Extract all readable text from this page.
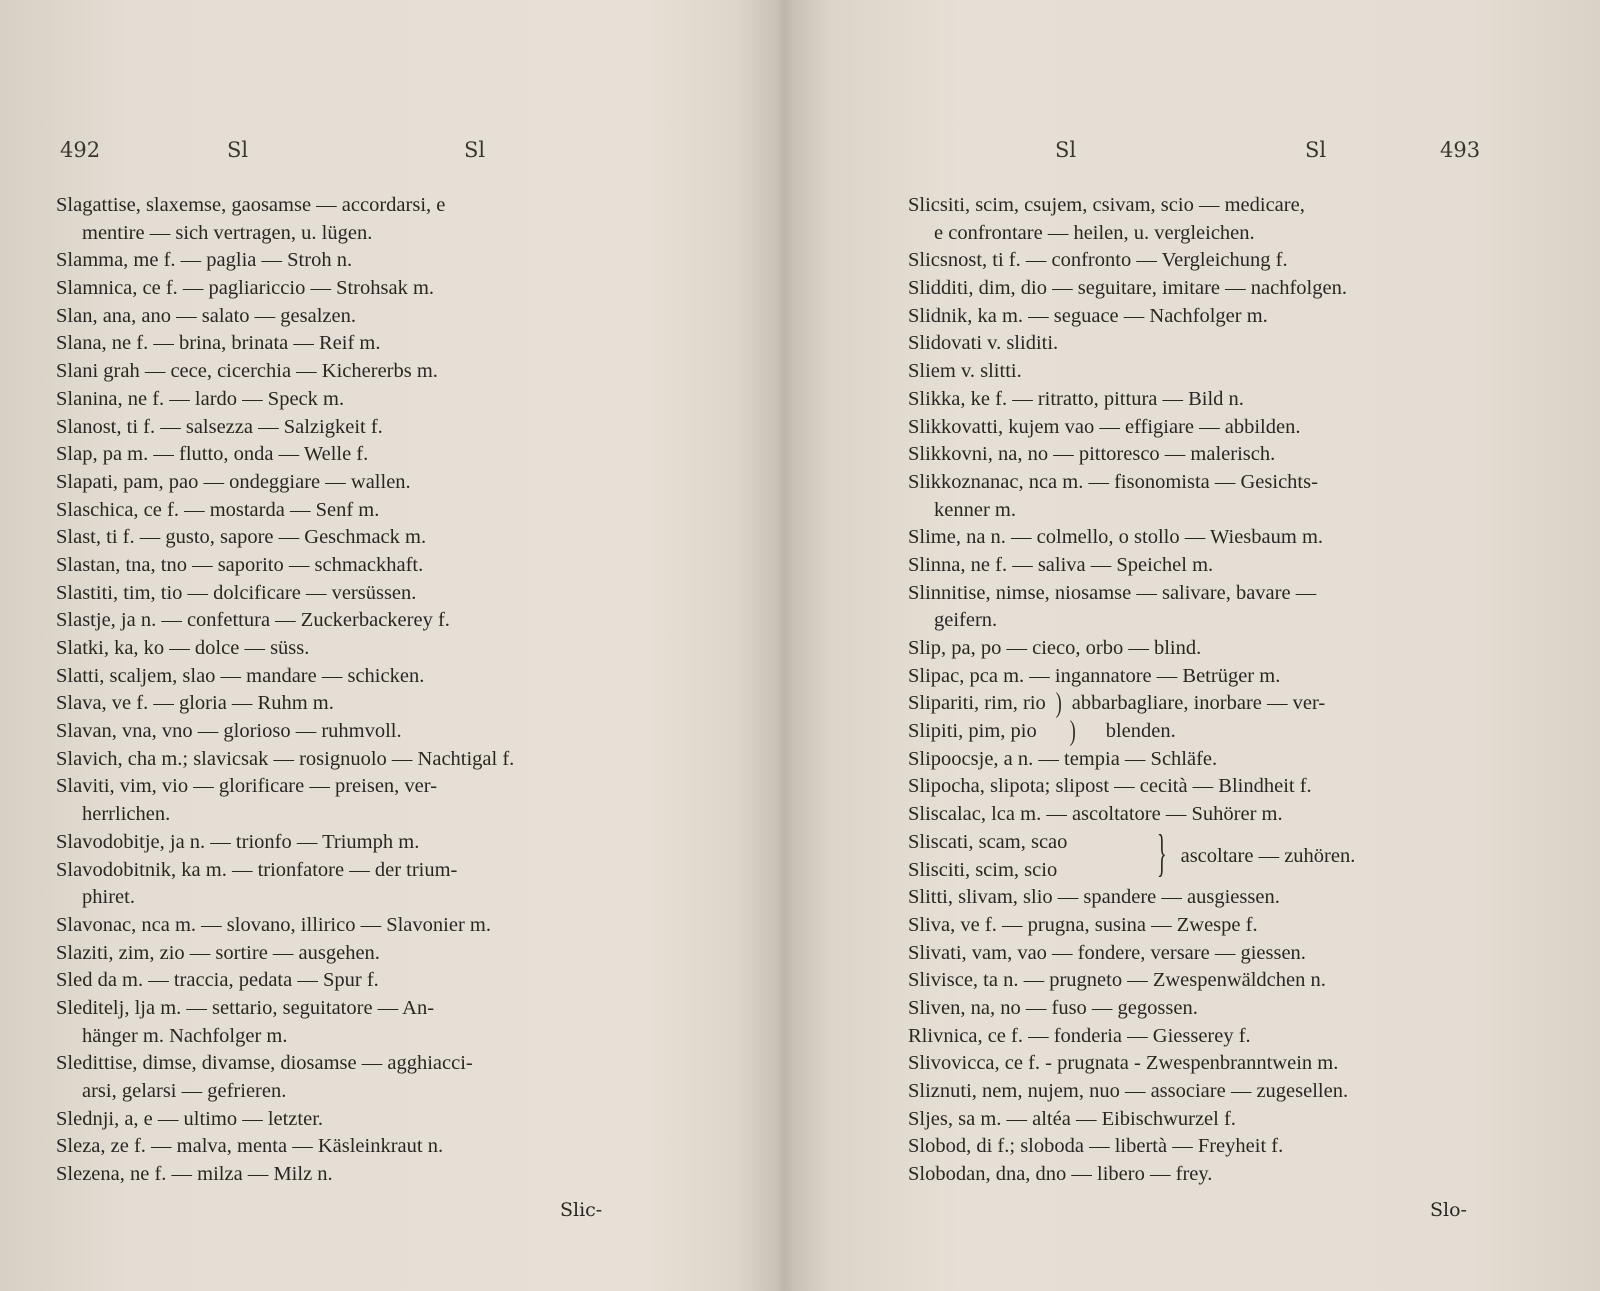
492	Sl	Sl
Slagattise, slaxemse, gaosamse — accordarsi, e
mentire — sich vertragen, u. lügen.
Slamma, me f. — paglia — Stroh n.
Slamnica, ce f. — pagliariccio — Strohsak m.
Slan, ana, ano — salato — gesalzen.
Slana, ne f. — brina, brinata — Reif m.
Slani grah — cece, cicerchia — Kichererbs m.
Slanina, ne f. — lardo — Speck m.
Slanost, ti f. — salsezza — Salzigkeit f.
Slap, pa m. — flutto, onda — Welle f.
Slapati, pam, pao — ondeggiare — wallen.
Slaschica, ce f. — mostarda — Senf m.
Slast, ti f. — gusto, sapore — Geschmack m.
Slastan, tna, tno — saporito — schmackhaft.
Slastiti, tim, tio — dolcificare — versüssen.
Slastje, ja n. — confettura — Zuckerbackerey f.
Slatki, ka, ko — dolce — süss.
Slatti, scaljem, slao — mandare — schicken.
Slava, ve f. — gloria — Ruhm m.
Slavan, vna, vno — glorioso — ruhmvoll.
Slavich, cha m.; slavicsak — rosignuolo — Nachtigal f.
Slaviti, vim, vio — glorificare — preisen, ver-
herrlichen.
Slavodobitje, ja n. — trionfo — Triumph m.
Slavodobitnik, ka m. — trionfatore — der trium-
phiret.
Slavonac, nca m. — slovano, illirico — Slavonier m.
Slaziti, zim, zio — sortire — ausgehen.
Sled da m. — traccia, pedata — Spur f.
Sleditelj, lja m. — settario, seguitatore — An-
hänger m. Nachfolger m.
Sledittise, dimse, divamse, diosamse — agghiacci-
arsi, gelarsi — gefrieren.
Slednji, a, e — ultimo — letzter.
Sleza, ze f. — malva, menta — Käsleinkraut n.
Slezena, ne f. — milza — Milz n.
Slic-
Sl	Sl	493
Slicsiti, scim, csujem, csivam, scio — medicare,
e confrontare — heilen, u. vergleichen.
Slicsnost, ti f. — confronto — Vergleichung f.
Slidditi, dim, dio — seguitare, imitare — nachfolgen.
Slidnik, ka m. — seguace — Nachfolger m.
Slidovati v. sliditi.
Sliem v. slitti.
Slikka, ke f. — ritratto, pittura — Bild n.
Slikkovatti, kujem vao — effigiare — abbilden.
Slikkovni, na, no — pittoresco — malerisch.
Slikkoznanac, nca m. — fisonomista — Gesichts-
kenner m.
Slime, na n. — colmello, o stollo — Wiesbaum m.
Slinna, ne f. — saliva — Speichel m.
Slinnitise, nimse, niosamse — salivare, bavare —
geifern.
Slip, pa, po — cieco, orbo — blind.
Slipac, pca m. — ingannatore — Betrüger m.
Slipariti, rim, rio ) abbarbagliare, inorbare — ver-
Slipiti, pim, pio ) blenden.
Slipoocsje, a n. — tempia — Schläfe.
Slipocha, slipota; slipost — cecità — Blindheit f.
Sliscalac, lca m. — ascoltatore — Suhörer m.
Sliscati, scam, scao
Slisciti, scim, scio	} ascoltare — zuhören.
Slitti, slivam, slio — spandere — ausgiessen.
Sliva, ve f. — prugna, susina — Zwespe f.
Slivati, vam, vao — fondere, versare — giessen.
Slivisce, ta n. — prugneto — Zwespenwäldchen n.
Sliven, na, no — fuso — gegossen.
Rlivnica, ce f. — fonderia — Giesserey f.
Slivovicca, ce f. - prugnata - Zwespenbranntwein m.
Sliznuti, nem, nujem, nuo — associare — zugesellen.
Sljes, sa m. — altéa — Eibischwurzel f.
Slobod, di f.; sloboda — libertà — Freyheit f.
Slobodan, dna, dno — libero — frey.
Slo-
